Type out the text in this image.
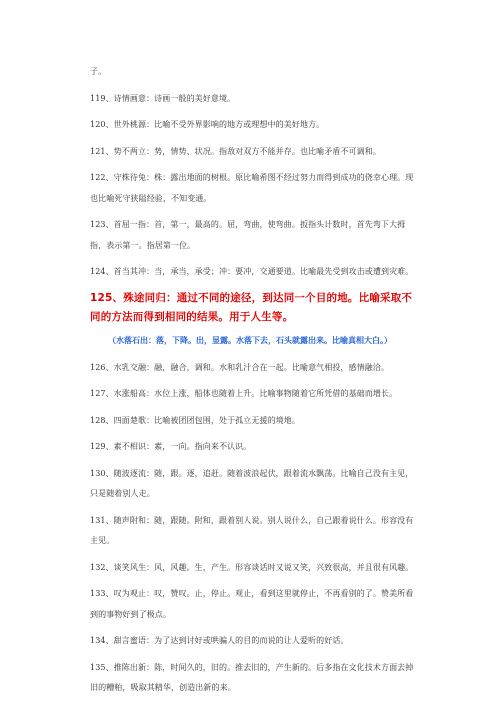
子。

119、诗情画意：诗画一般的美好意境。

120、世外桃源：比喻不受外界影响的地方或理想中的美好地方。

121、势不两立：势，情势、状况。指敌对双方不能并存。也比喻矛盾不可调和。

122、守株待兔：株：露出地面的树根。原比喻希图不经过努力而得到成功的侥幸心理。现也比喻死守狭隘经验，不知变通。

123、首屈一指：首，第一，最高的。屈，弯曲，使弯曲。扳指头计数时，首先弯下大拇指，表示第一。指居第一位。

124、首当其冲：当，承当，承受；冲：要冲，交通要道。比喻最先受到攻击或遭到灾难。

125、殊途同归：通过不同的途径，到达同一个目的地。比喻采取不同的方法而得到相同的结果。用于人生等。

（水落石出：落，下降。出，显露。水落下去，石头就露出来。比喻真相大白。）

126、水乳交融：融，融合，调和。水和乳汁合在一起。比喻意气相投，感情融洽。

127、水涨船高：水位上涨，船体也随着上升。比喻事物随着它所凭借的基础而增长。

128、四面楚歌：比喻被团团包围，处于孤立无援的境地。

129、素不相识：素，一向。指向来不认识。

130、随波逐流：随，跟。逐，追赶。随着波浪起伏，跟着流水飘荡。比喻自己没有主见，只是随着别人走。

131、随声附和：随，跟随。附和，跟着别人说。别人说什么，自己跟着说什么。形容没有主见。

132、谈笑风生：风，风趣。生，产生。形容谈话时又说又笑，兴致很高，并且很有风趣。

133、叹为观止：叹，赞叹。止，停止。观止，看到这里就停止，不再看别的了。赞美所看到的事物好到了极点。

134、甜言蜜语：为了达到讨好或哄骗人的目的而说的让人爱听的好话。

135、推陈出新：陈，时间久的，旧的。推去旧的，产生新的。后多指在文化技术方面去掉旧的糟粕，吸取其精华，创造出新的来。
